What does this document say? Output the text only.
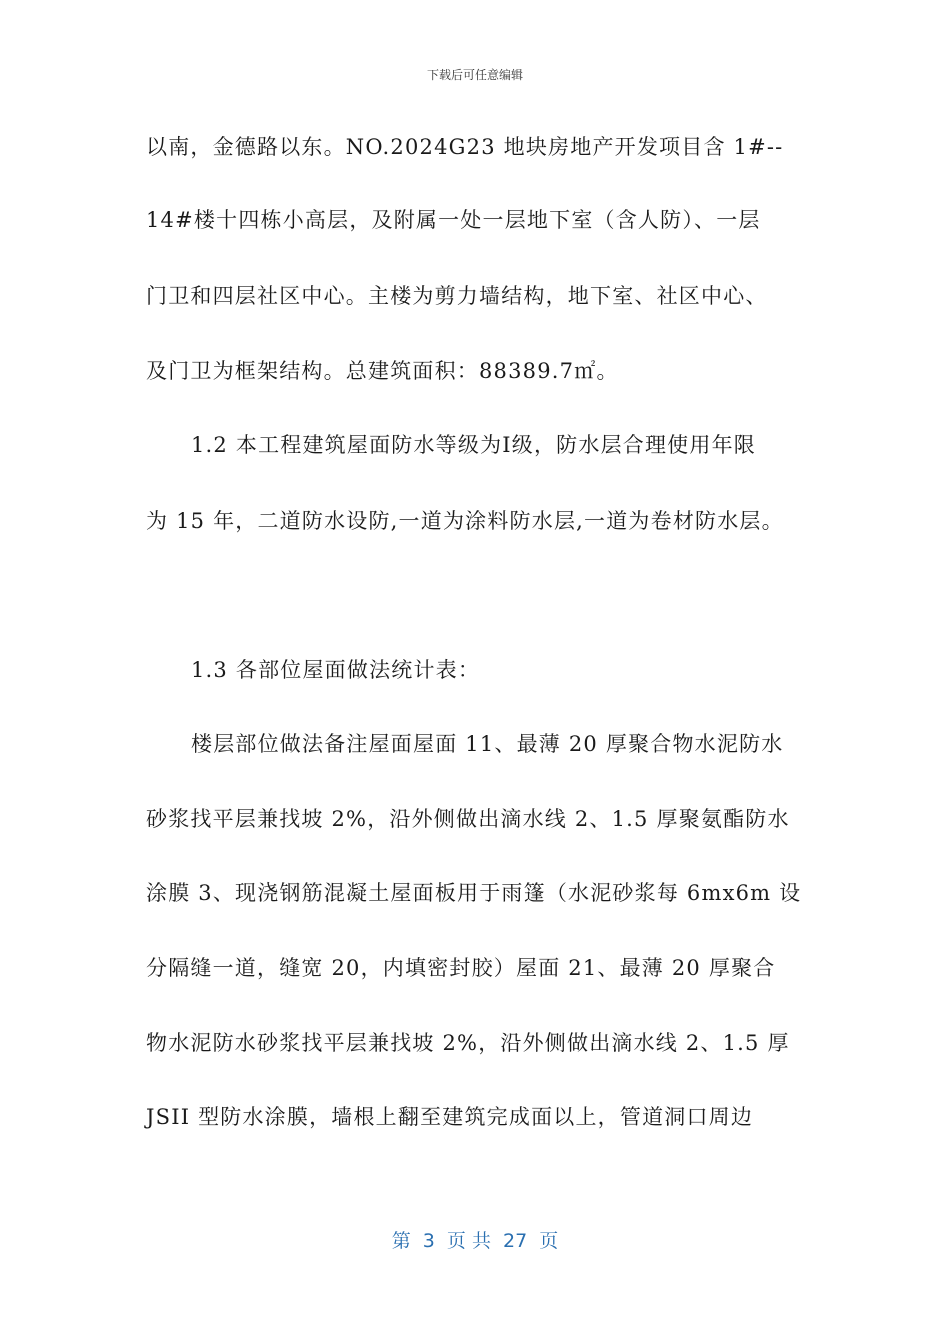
下载后可任意编辑
以南，金德路以东。NO.2024G23 地块房地产开发项目含 1#--
14#楼十四栋小高层，及附属一处一层地下室（含人防）、一层
门卫和四层社区中心。主楼为剪力墙结构，地下室、社区中心、
及门卫为框架结构。总建筑面积：88389.7㎡。
1.2 本工程建筑屋面防水等级为Ⅰ级，防水层合理使用年限
为 15 年，二道防水设防,一道为涂料防水层,一道为卷材防水层。
1.3 各部位屋面做法统计表：
楼层部位做法备注屋面屋面 11、最薄 20 厚聚合物水泥防水
砂浆找平层兼找坡 2%，沿外侧做出滴水线 2、1.5 厚聚氨酯防水
涂膜 3、现浇钢筋混凝土屋面板用于雨篷（水泥砂浆每 6mx6m 设
分隔缝一道，缝宽 20，内填密封胶）屋面 21、最薄 20 厚聚合
物水泥防水砂浆找平层兼找坡 2%，沿外侧做出滴水线 2、1.5 厚
JSII 型防水涂膜，墙根上翻至建筑完成面以上，管道洞口周边
第  3  页 共  27  页
